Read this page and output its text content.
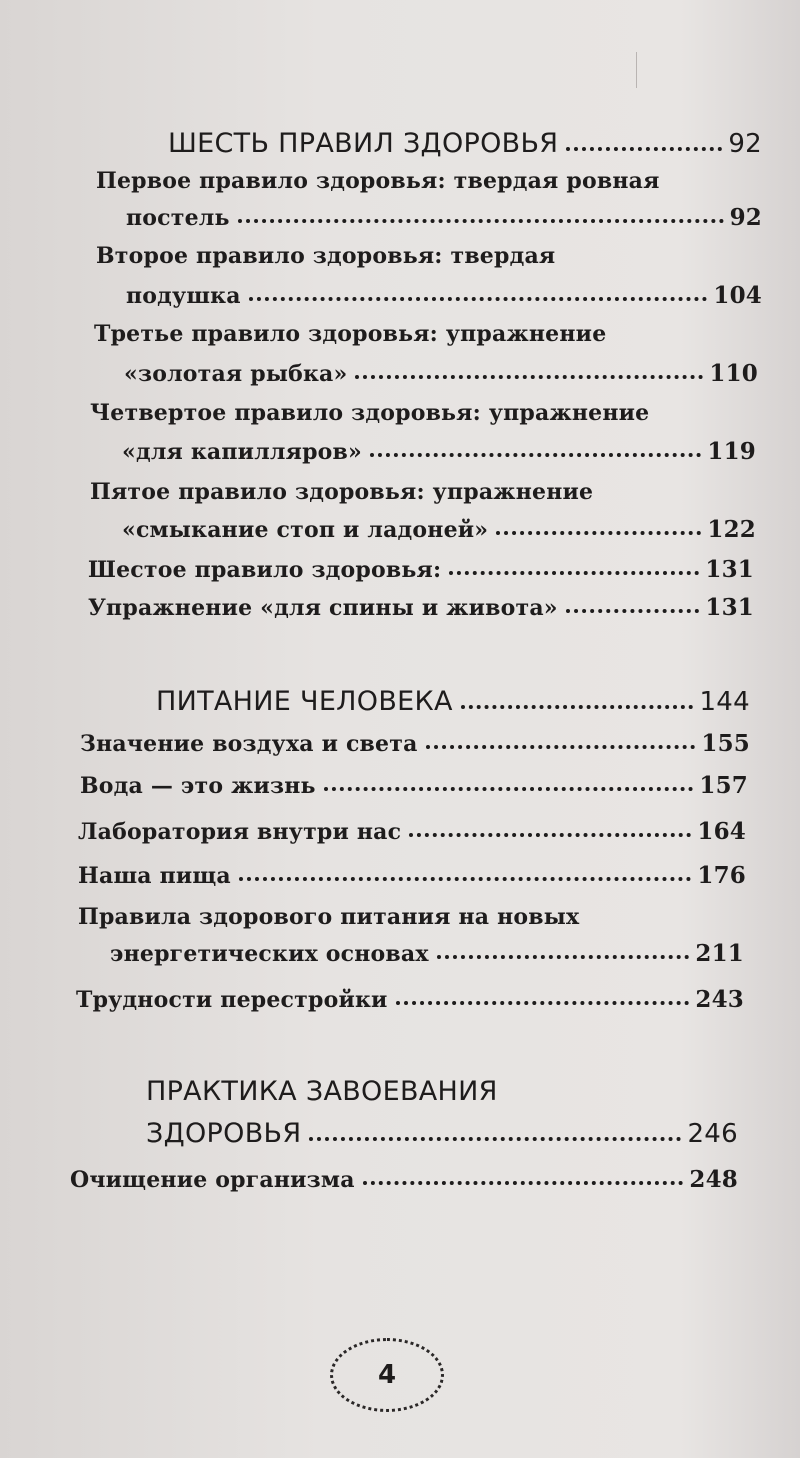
ШЕСТЬ ПРАВИЛ ЗДОРОВЬЯ	92
Первое правило здоровья: твердая ровная
постель	92
Второе правило здоровья: твердая
подушка	104
Третье правило здоровья: упражнение
«золотая рыбка»	110
Четвертое правило здоровья: упражнение
«для капилляров»	119
Пятое правило здоровья: упражнение
«смыкание стоп и ладоней»	122
Шестое правило здоровья:	131
Упражнение «для спины и живота»	131
ПИТАНИЕ ЧЕЛОВЕКА	144
Значение воздуха и света	155
Вода — это жизнь	157
Лаборатория внутри нас	164
Наша пища	176
Правила здорового питания на новых
энергетических основах	211
Трудности перестройки	243
ПРАКТИКА ЗАВОЕВАНИЯ
ЗДОРОВЬЯ	246
Очищение организма	248
4
